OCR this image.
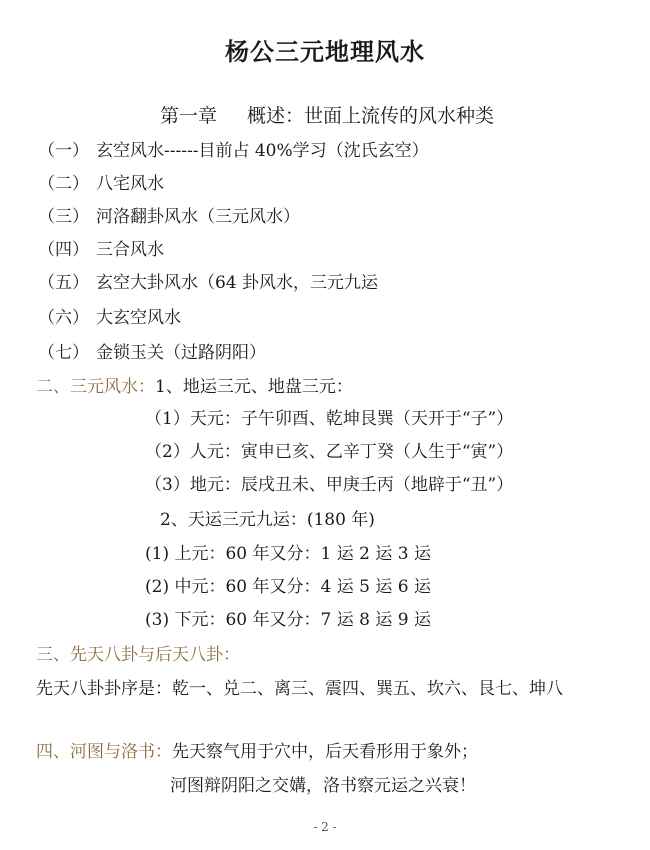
杨公三元地理风水
第一章 概述：世面上流传的风水种类
（一） 玄空风水------目前占 40%学习（沈氏玄空）
（二） 八宅风水
（三） 河洛翻卦风水（三元风水）
（四） 三合风水
（五） 玄空大卦风水（64 卦风水，三元九运
（六） 大玄空风水
（七） 金锁玉关（过路阴阳）
二、三元风水：1、地运三元、地盘三元：
（1）天元：子午卯酉、乾坤艮巽（天开于“子”）
（2）人元：寅申已亥、乙辛丁癸（人生于“寅”）
（3）地元：辰戌丑未、甲庚壬丙（地辟于“丑”）
2、天运三元九运：(180 年)
(1) 上元：60 年又分：1 运 2 运 3 运
(2) 中元：60 年又分：4 运 5 运 6 运
(3) 下元：60 年又分：7 运 8 运 9 运
三、先天八卦与后天八卦：
先天八卦卦序是：乾一、兑二、离三、震四、巽五、坎六、艮七、坤八
四、河图与洛书：先天察气用于穴中，后天看形用于象外；
河图辩阴阳之交媾，洛书察元运之兴衰！
- 2 -
